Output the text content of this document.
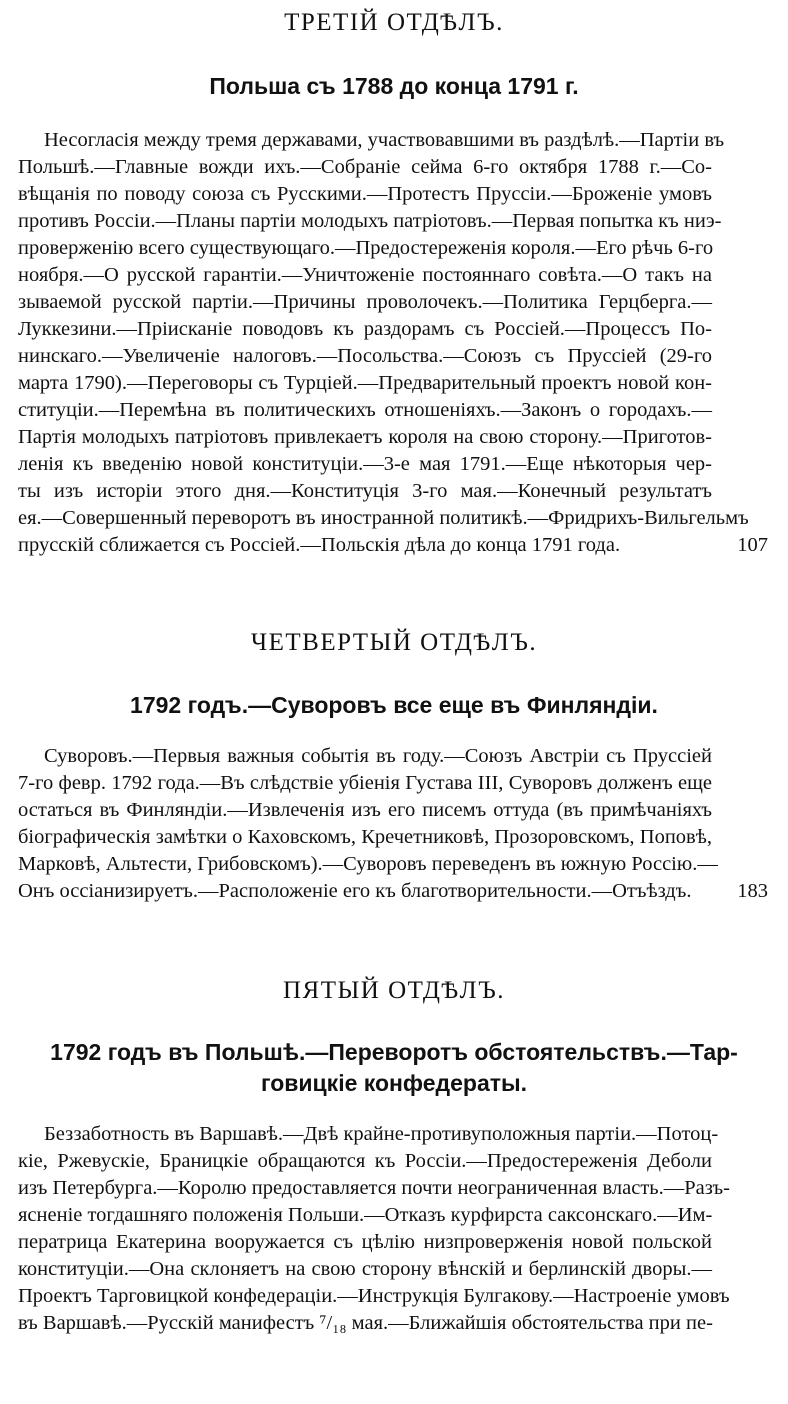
ТРЕТІЙ ОТДѢЛЪ.
Польша съ 1788 до конца 1791 г.
Несогласія между тремя державами, участвовавшими въ раздѣлѣ.—Партіи въ
Польшѣ.—Главные вожди ихъ.—Собраніе сейма 6-го октября 1788 г.—Со-
вѣщанія по поводу союза съ Русскими.—Протестъ Пруссіи.—Броженіе умовъ
противъ Россіи.—Планы партіи молодыхъ патріотовъ.—Первая попытка къ ниэ-
проверженію всего существующаго.—Предостереженія короля.—Его рѣчь 6-го
ноября.—О русской гарантіи.—Уничтоженіе постояннаго совѣта.—О такъ на
зываемой русской партіи.—Причины проволочекъ.—Политика Герцберга.—
Луккезини.—Пріисканіе поводовъ къ раздорамъ съ Россіей.—Процессъ По-
нинскаго.—Увеличеніе налоговъ.—Посольства.—Союзъ съ Пруссіей (29-го
марта 1790).—Переговоры съ Турціей.—Предварительный проектъ новой кон-
ституціи.—Перемѣна въ политическихъ отношеніяхъ.—Законъ о городахъ.—
Партія молодыхъ патріотовъ привлекаетъ короля на свою сторону.—Приготов-
ленія къ введенію новой конституціи.—3-е мая 1791.—Еще нѣкоторыя чер-
ты изъ исторіи этого дня.—Конституція 3-го мая.—Конечный результатъ
ея.—Совершенный переворотъ въ иностранной политикѣ.—Фридрихъ-Вильгельмъ
прусскій сближается съ Россіей.—Польскія дѣла до конца 1791 года.	107
ЧЕТВЕРТЫЙ ОТДѢЛЪ.
1792 годъ.—Суворовъ все еще въ Финляндіи.
Суворовъ.—Первыя важныя событія въ году.—Союзъ Австріи съ Пруссіей
7-го февр. 1792 года.—Въ слѣдствіе убіенія Густава III, Суворовъ долженъ еще
остаться въ Финляндіи.—Извлеченія изъ его писемъ оттуда (въ примѣчаніяхъ
біографическія замѣтки о Каховскомъ, Кречетниковѣ, Прозоровскомъ, Поповѣ,
Марковѣ, Альтести, Грибовскомъ).—Суворовъ переведенъ въ южную Россію.—
Онъ оссіанизируетъ.—Расположеніе его къ благотворительности.—Отъѣздъ.	183
ПЯТЫЙ ОТДѢЛЪ.
1792 годъ въ Польшѣ.—Переворотъ обстоятельствъ.—Тар-
говицкіе конфедераты.
Беззаботность въ Варшавѣ.—Двѣ крайне-противуположныя партіи.—Потоц-
кіе, Ржевускіе, Браницкіе обращаются къ Россіи.—Предостереженія Деболи
изъ Петербурга.—Королю предоставляется почти неограниченная власть.—Разъ-
ясненіе тогдашняго положенія Польши.—Отказъ курфирста саксонскаго.—Им-
ператрица Екатерина вооружается съ цѣлію низпроверженія новой польской
конституціи.—Она склоняетъ на свою сторону вѣнскій и берлинскій дворы.—
Проектъ Тарговицкой конфедераціи.—Инструкція Булгакову.—Настроеніе умовъ
въ Варшавѣ.—Русскій манифестъ ⁷/₁₈ мая.—Ближайшія обстоятельства при пе-
